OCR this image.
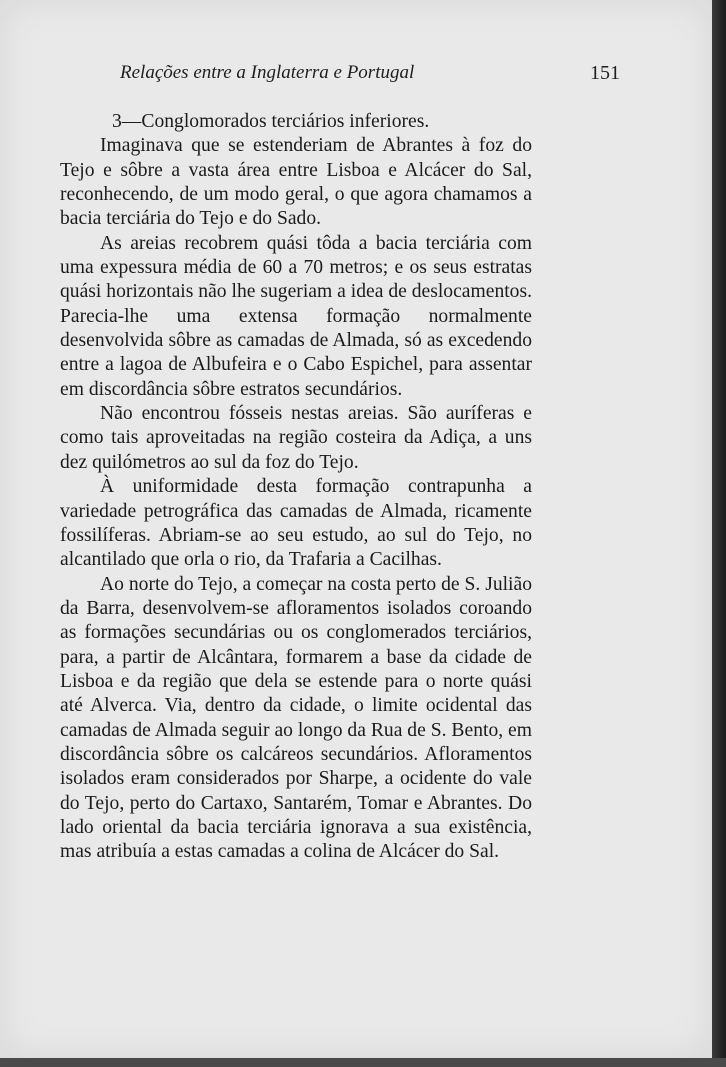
Relações entre a Inglaterra e Portugal	151

3—Conglomorados terciários inferiores.

Imaginava que se estenderiam de Abrantes à foz do Tejo e sôbre a vasta área entre Lisboa e Alcácer do Sal, reconhecendo, de um modo geral, o que agora chamamos a bacia terciária do Tejo e do Sado.

As areias recobrem quási tôda a bacia terciária com uma expessura média de 60 a 70 metros; e os seus estratas quási horizontais não lhe sugeriam a idea de deslocamentos. Parecia-lhe uma extensa formação normalmente desenvolvida sôbre as camadas de Almada, só as excedendo entre a lagoa de Albufeira e o Cabo Espichel, para assentar em discordância sôbre estratos secundários.

Não encontrou fósseis nestas areias. São auríferas e como tais aproveitadas na região costeira da Adiça, a uns dez quilómetros ao sul da foz do Tejo.

À uniformidade desta formação contrapunha a variedade petrográfica das camadas de Almada, ricamente fossilíferas. Abriam-se ao seu estudo, ao sul do Tejo, no alcantilado que orla o rio, da Trafaria a Cacilhas.

Ao norte do Tejo, a começar na costa perto de S. Julião da Barra, desenvolvem-se afloramentos isolados coroando as formações secundárias ou os conglomerados terciários, para, a partir de Alcântara, formarem a base da cidade de Lisboa e da região que dela se estende para o norte quási até Alverca. Via, dentro da cidade, o limite ocidental das camadas de Almada seguir ao longo da Rua de S. Bento, em discordância sôbre os calcáreos secundários. Afloramentos isolados eram considerados por Sharpe, a ocidente do vale do Tejo, perto do Cartaxo, Santarém, Tomar e Abrantes. Do lado oriental da bacia terciária ignorava a sua existência, mas atribuía a estas camadas a colina de Alcácer do Sal.
